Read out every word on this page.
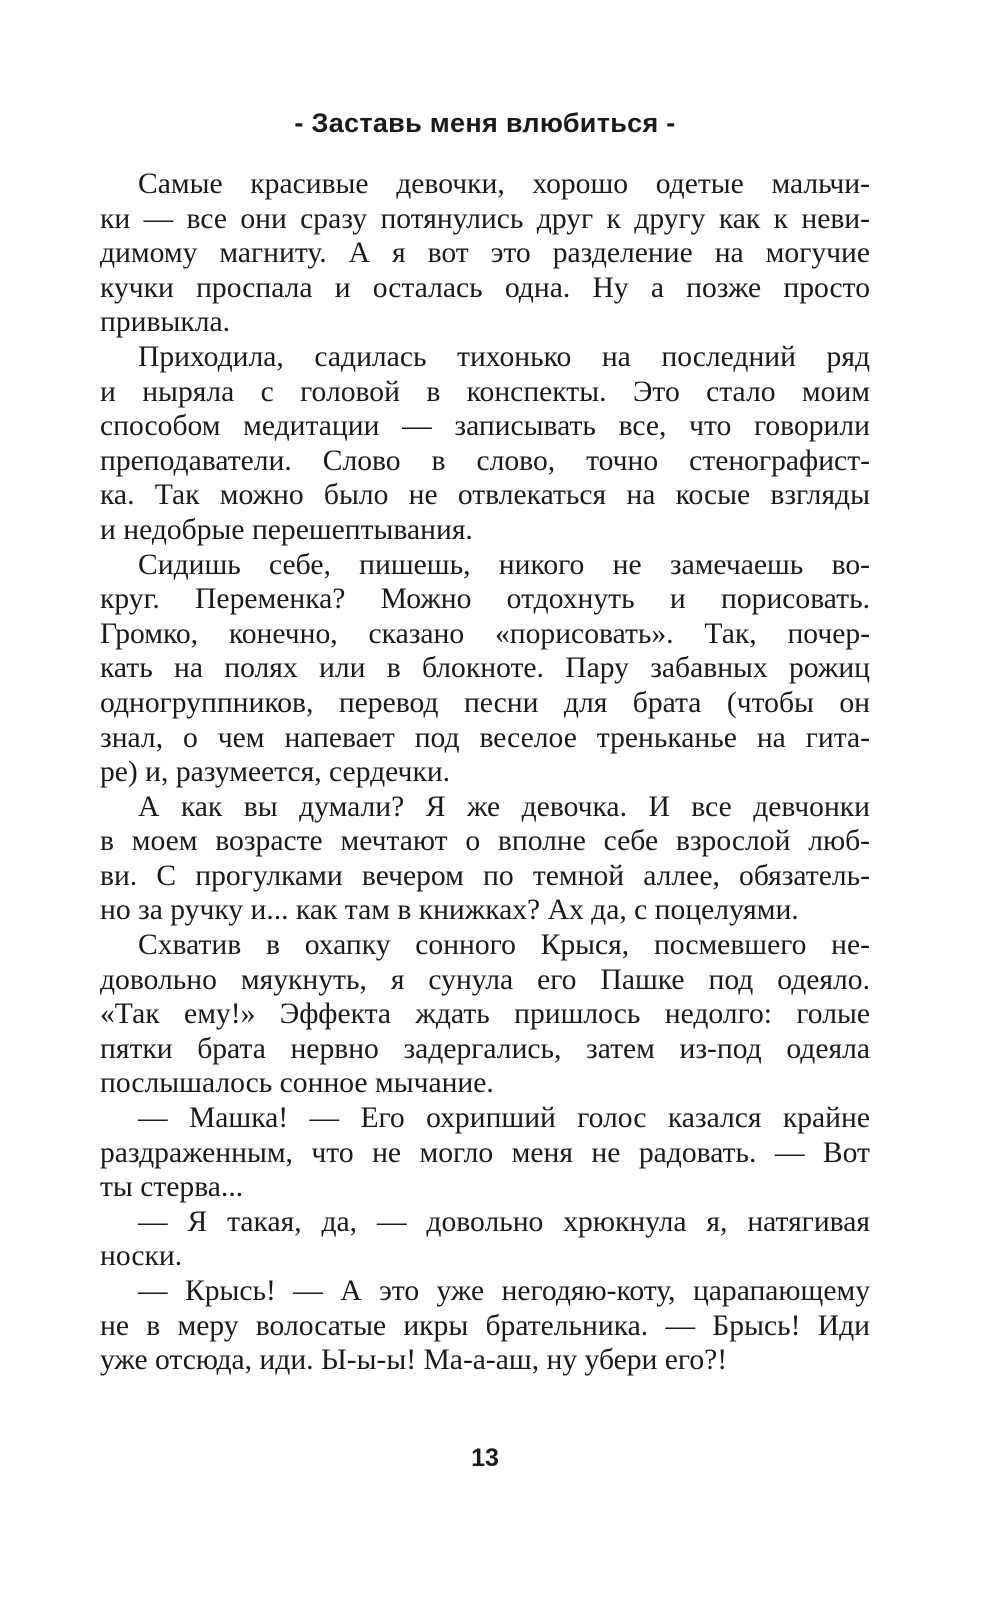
- Заставь меня влюбиться -

Самые красивые девочки, хорошо одетые мальчи-
ки — все они сразу потянулись друг к другу как к неви-
димому магниту. А я вот это разделение на могучие
кучки проспала и осталась одна. Ну а позже просто
привыкла.

Приходила, садилась тихонько на последний ряд
и ныряла с головой в конспекты. Это стало моим
способом медитации — записывать все, что говорили
преподаватели. Слово в слово, точно стенографист-
ка. Так можно было не отвлекаться на косые взгляды
и недобрые перешептывания.

Сидишь себе, пишешь, никого не замечаешь во-
круг. Переменка? Можно отдохнуть и порисовать.
Громко, конечно, сказано «порисовать». Так, почер-
кать на полях или в блокноте. Пару забавных рожиц
одногруппников, перевод песни для брата (чтобы он
знал, о чем напевает под веселое треньканье на гита-
ре) и, разумеется, сердечки.

А как вы думали? Я же девочка. И все девчонки
в моем возрасте мечтают о вполне себе взрослой люб-
ви. С прогулками вечером по темной аллее, обязатель-
но за ручку и... как там в книжках? Ах да, с поцелуями.

Схватив в охапку сонного Крыся, посмевшего не-
довольно мяукнуть, я сунула его Пашке под одеяло.
«Так ему!» Эффекта ждать пришлось недолго: голые
пятки брата нервно задергались, затем из-под одеяла
послышалось сонное мычание.

— Машка! — Его охрипший голос казался крайне
раздраженным, что не могло меня не радовать. — Вот
ты стерва...

— Я такая, да, — довольно хрюкнула я, натягивая
носки.

— Крысь! — А это уже негодяю-коту, царапающему
не в меру волосатые икры брательника. — Брысь! Иди
уже отсюда, иди. Ы-ы-ы! Ма-а-аш, ну убери его?!

13
